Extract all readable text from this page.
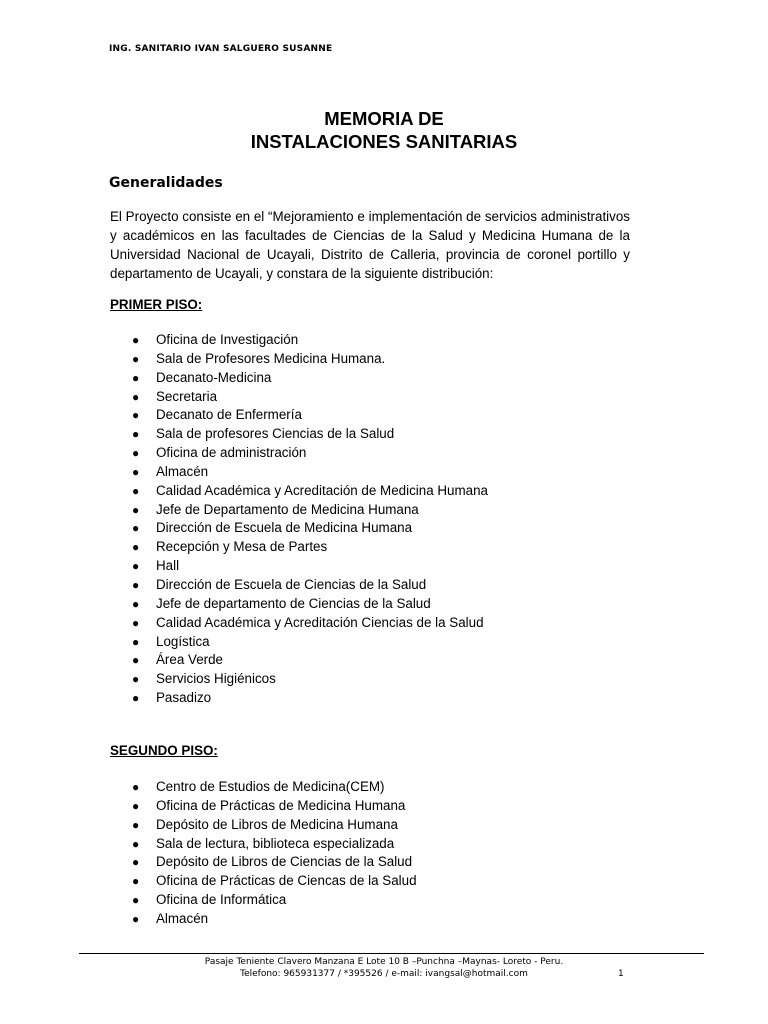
ING. SANITARIO IVAN SALGUERO SUSANNE
MEMORIA DE
INSTALACIONES SANITARIAS
Generalidades

El Proyecto consiste en el “Mejoramiento e implementación de servicios administrativos y académicos en las facultades de Ciencias de la Salud y Medicina Humana de la Universidad Nacional de Ucayali, Distrito de Calleria, provincia de coronel portillo y departamento de Ucayali, y constara de la siguiente distribución:

PRIMER PISO:
● Oficina de Investigación
● Sala de Profesores Medicina Humana.
● Decanato-Medicina
● Secretaria
● Decanato de Enfermería
● Sala de profesores Ciencias de la Salud
● Oficina de administración
● Almacén
● Calidad Académica y Acreditación de Medicina Humana
● Jefe de Departamento de Medicina Humana
● Dirección de Escuela de Medicina Humana
● Recepción y Mesa de Partes
● Hall
● Dirección de Escuela de Ciencias de la Salud
● Jefe de departamento de Ciencias de la Salud
● Calidad Académica y Acreditación Ciencias de la Salud
● Logística
● Área Verde
● Servicios Higiénicos
● Pasadizo
SEGUNDO PISO:
● Centro de Estudios de Medicina(CEM)
● Oficina de Prácticas de Medicina Humana
● Depósito de Libros de Medicina Humana
● Sala de lectura, biblioteca especializada
● Depósito de Libros de Ciencias de la Salud
● Oficina de Prácticas de Ciencas de la Salud
● Oficina de Informática
● Almacén
Pasaje Teniente Clavero Manzana E Lote 10 B –Punchna –Maynas- Loreto - Peru.
Telefono: 965931377 / *395526 / e-mail: ivangsal@hotmail.com	1
